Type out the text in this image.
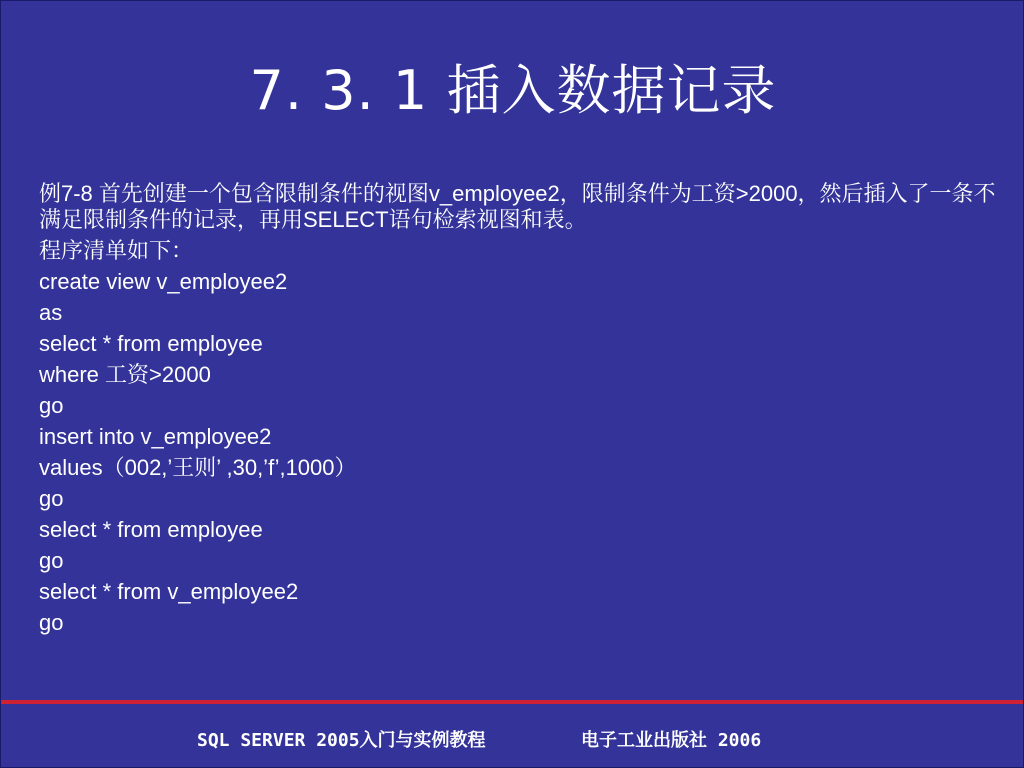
7. 3. 1 插入数据记录
例7-8 首先创建一个包含限制条件的视图v_employee2，限制条件为工资>2000，然后插入了一条不满足限制条件的记录，再用SELECT语句检索视图和表。
程序清单如下：
create view v_employee2
as
select * from employee
where 工资>2000
go
insert into v_employee2
values（002,’王则’ ,30,’f’,1000）
go
select * from employee
go
select * from v_employee2
go
SQL SERVER 2005入门与实例教程	电子工业出版社 2006
